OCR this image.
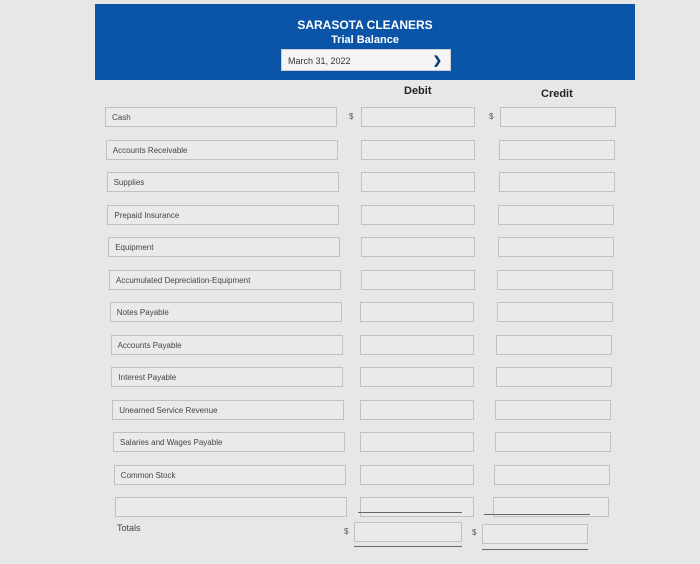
SARASOTA CLEANERS
Trial Balance
March 31, 2022	❯
Debit	Credit
Cash	$	$
Accounts Receivable
Supplies
Prepaid Insurance
Equipment
Accumulated Depreciation-Equipment
Notes Payable
Accounts Payable
Interest Payable
Unearned Service Revenue
Salaries and Wages Payable
Common Stock
Totals	$	$
